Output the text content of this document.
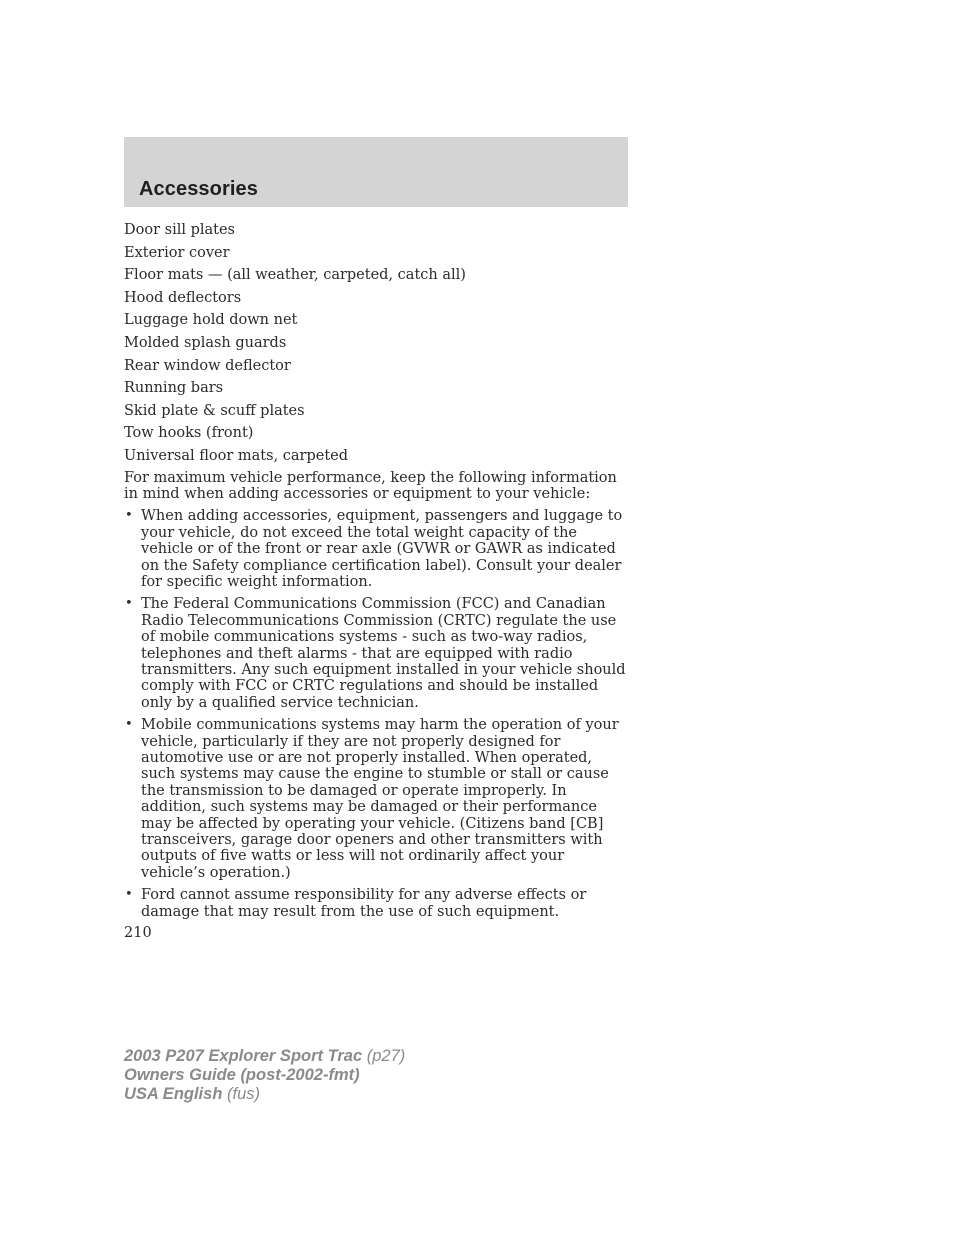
Accessories
Door sill plates
Exterior cover
Floor mats — (all weather, carpeted, catch all)
Hood deflectors
Luggage hold down net
Molded splash guards
Rear window deflector
Running bars
Skid plate & scuff plates
Tow hooks (front)
Universal floor mats, carpeted

For maximum vehicle performance, keep the following information in mind when adding accessories or equipment to your vehicle:

• When adding accessories, equipment, passengers and luggage to your vehicle, do not exceed the total weight capacity of the vehicle or of the front or rear axle (GVWR or GAWR as indicated on the Safety compliance certification label). Consult your dealer for specific weight information.
• The Federal Communications Commission (FCC) and Canadian Radio Telecommunications Commission (CRTC) regulate the use of mobile communications systems - such as two-way radios, telephones and theft alarms - that are equipped with radio transmitters. Any such equipment installed in your vehicle should comply with FCC or CRTC regulations and should be installed only by a qualified service technician.
• Mobile communications systems may harm the operation of your vehicle, particularly if they are not properly designed for automotive use or are not properly installed. When operated, such systems may cause the engine to stumble or stall or cause the transmission to be damaged or operate improperly. In addition, such systems may be damaged or their performance may be affected by operating your vehicle. (Citizens band [CB] transceivers, garage door openers and other transmitters with outputs of five watts or less will not ordinarily affect your vehicle’s operation.)
• Ford cannot assume responsibility for any adverse effects or damage that may result from the use of such equipment.
210
2003 P207 Explorer Sport Trac (p27)
Owners Guide (post-2002-fmt)
USA English (fus)
